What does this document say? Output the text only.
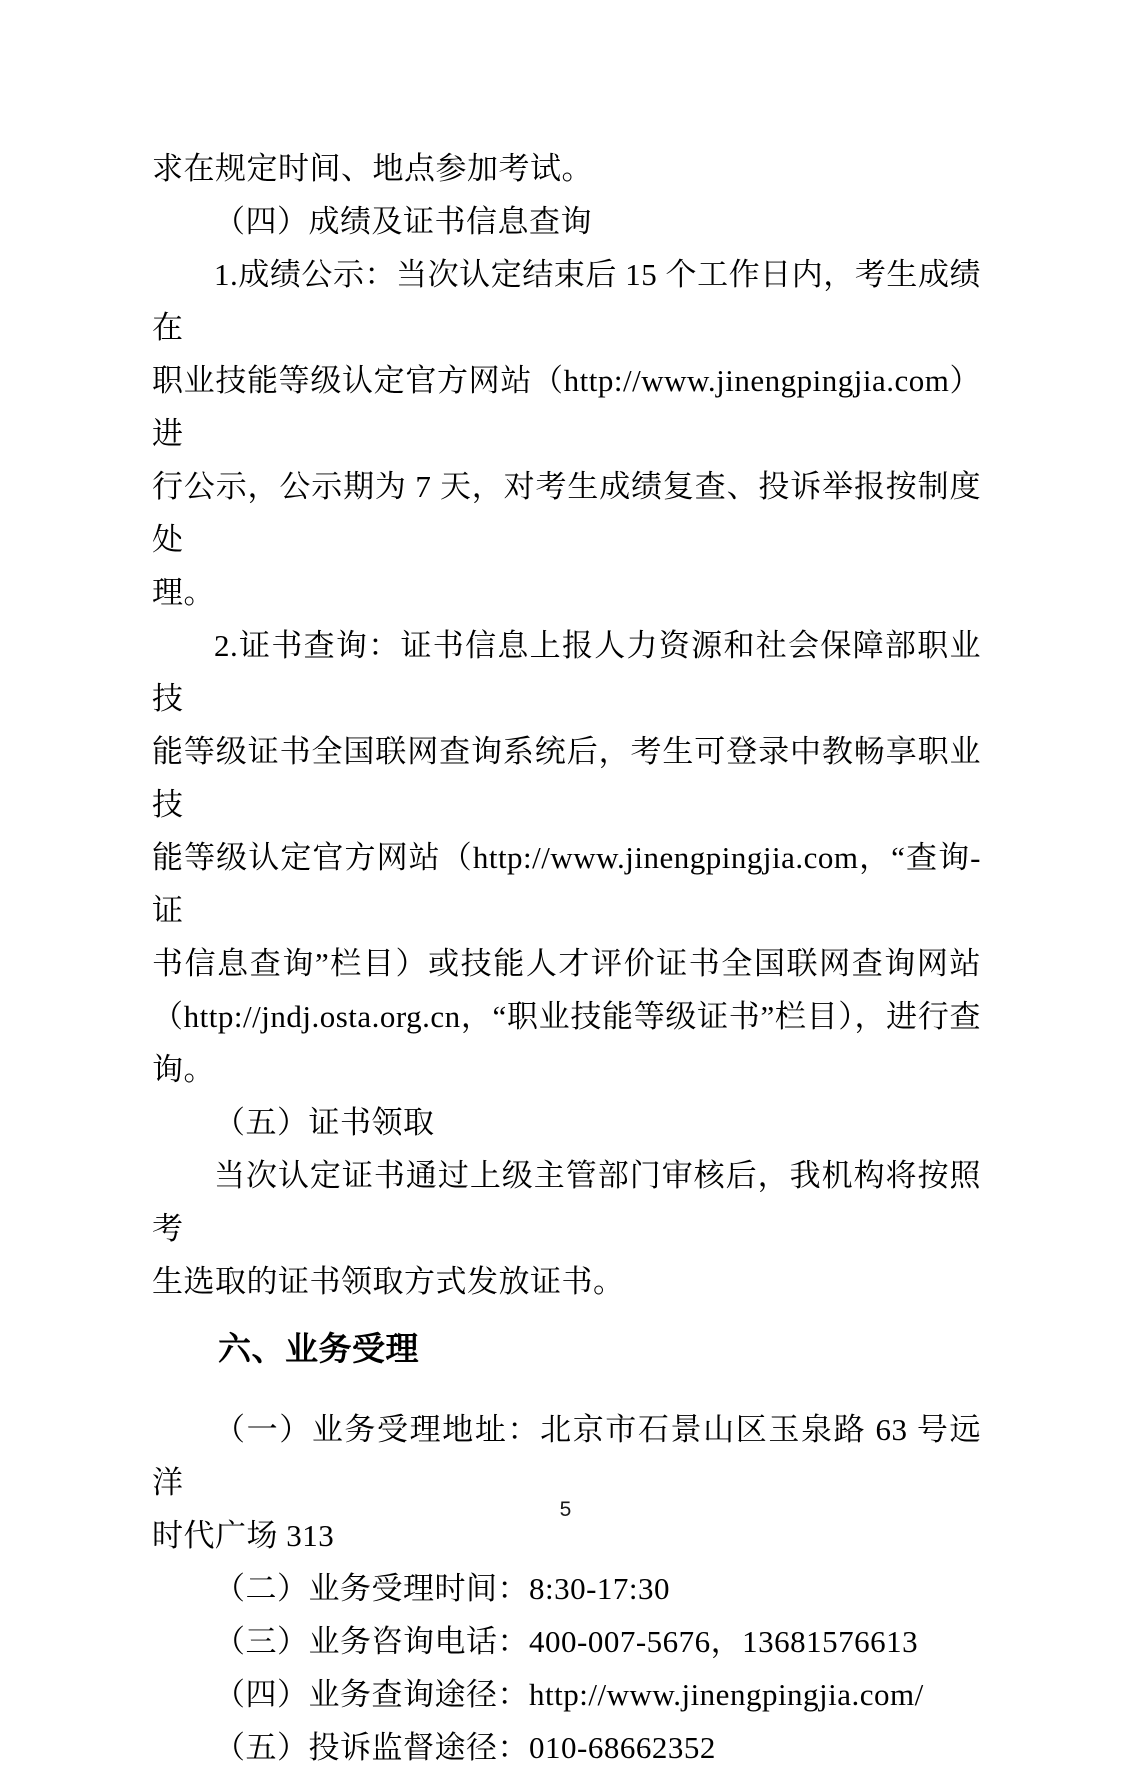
求在规定时间、地点参加考试。
（四）成绩及证书信息查询
1.成绩公示：当次认定结束后 15 个工作日内，考生成绩在
职业技能等级认定官方网站（http://www.jinengpingjia.com）进
行公示，公示期为 7 天，对考生成绩复查、投诉举报按制度处
理。
2.证书查询：证书信息上报人力资源和社会保障部职业技
能等级证书全国联网查询系统后，考生可登录中教畅享职业技
能等级认定官方网站（http://www.jinengpingjia.com，“查询-证
书信息查询”栏目）或技能人才评价证书全国联网查询网站
（http://jndj.osta.org.cn，“职业技能等级证书”栏目），进行查
询。
（五）证书领取
当次认定证书通过上级主管部门审核后，我机构将按照考
生选取的证书领取方式发放证书。
六、业务受理
（一）业务受理地址：北京市石景山区玉泉路 63 号远洋
时代广场 313
（二）业务受理时间：8:30-17:30
（三）业务咨询电话：400-007-5676，13681576613
（四）业务查询途径：http://www.jinengpingjia.com/
（五）投诉监督途径：010-68662352
5
